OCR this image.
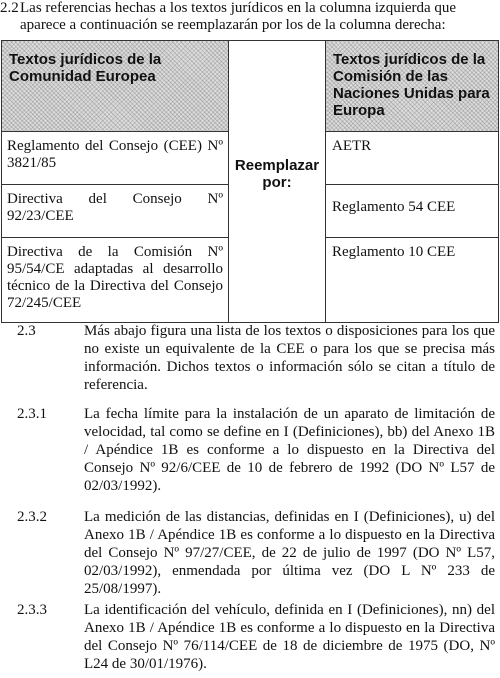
2.2Las referencias hechas a los textos jurídicos en la columna izquierda que
aparece a continuación se reemplazarán por los de la columna derecha:

Textos jurídicos de la Comunidad Europea		Textos jurídicos de la Comisión de las Naciones Unidas para Europa
Reglamento del Consejo (CEE) Nº 3821/85	Reemplazar por:	AETR
Directiva del Consejo Nº 92/23/CEE		Reglamento 54 CEE
Directiva de la Comisión Nº 95/54/CE adaptadas al desarrollo técnico de la Directiva del Consejo 72/245/CEE		Reglamento 10 CEE
2.3	Más abajo figura una lista de los textos o disposiciones para los que no existe un equivalente de la CEE o para los que se precisa más información. Dichos textos o información sólo se citan a título de referencia.
2.3.1	La fecha límite para la instalación de un aparato de limitación de velocidad, tal como se define en I (Definiciones), bb) del Anexo 1B / Apéndice 1B es conforme a lo dispuesto en la Directiva del Consejo Nº 92/6/CEE de 10 de febrero de 1992 (DO Nº L57 de 02/03/1992).
2.3.2	La medición de las distancias, definidas en I (Definiciones), u) del Anexo 1B / Apéndice 1B es conforme a lo dispuesto en la Directiva del Consejo Nº 97/27/CEE, de 22 de julio de 1997 (DO Nº L57, 02/03/1992), enmendada por última vez (DO L Nº 233 de 25/08/1997).
2.3.3	La identificación del vehículo, definida en I (Definiciones), nn) del Anexo 1B / Apéndice 1B es conforme a lo dispuesto en la Directiva del Consejo Nº 76/114/CEE de 18 de diciembre de 1975 (DO, Nº L24 de 30/01/1976).
